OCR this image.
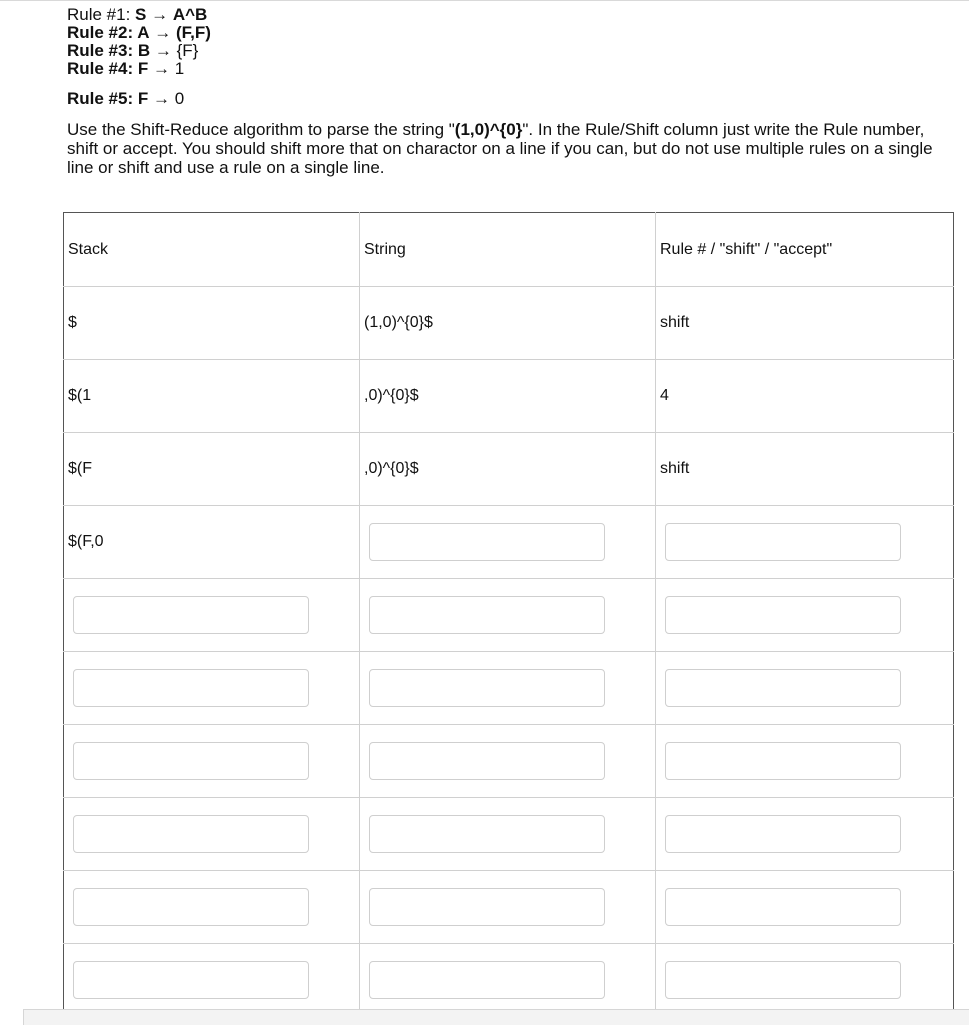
Rule #1: S → A^B
Rule #2: A → (F,F)
Rule #3: B → {F}
Rule #4: F → 1
Rule #5: F → 0
Use the Shift-Reduce algorithm to parse the string "(1,0)^{0}". In the Rule/Shift column just write the Rule number, shift or accept. You should shift more that on charactor on a line if you can, but do not use multiple rules on a single line or shift and use a rule on a single line.
Stack	String	Rule # / "shift" / "accept"
$	(1,0)^{0}$	shift
$(1	,0)^{0}$	4
$(F	,0)^{0}$	shift
$(F,0	
